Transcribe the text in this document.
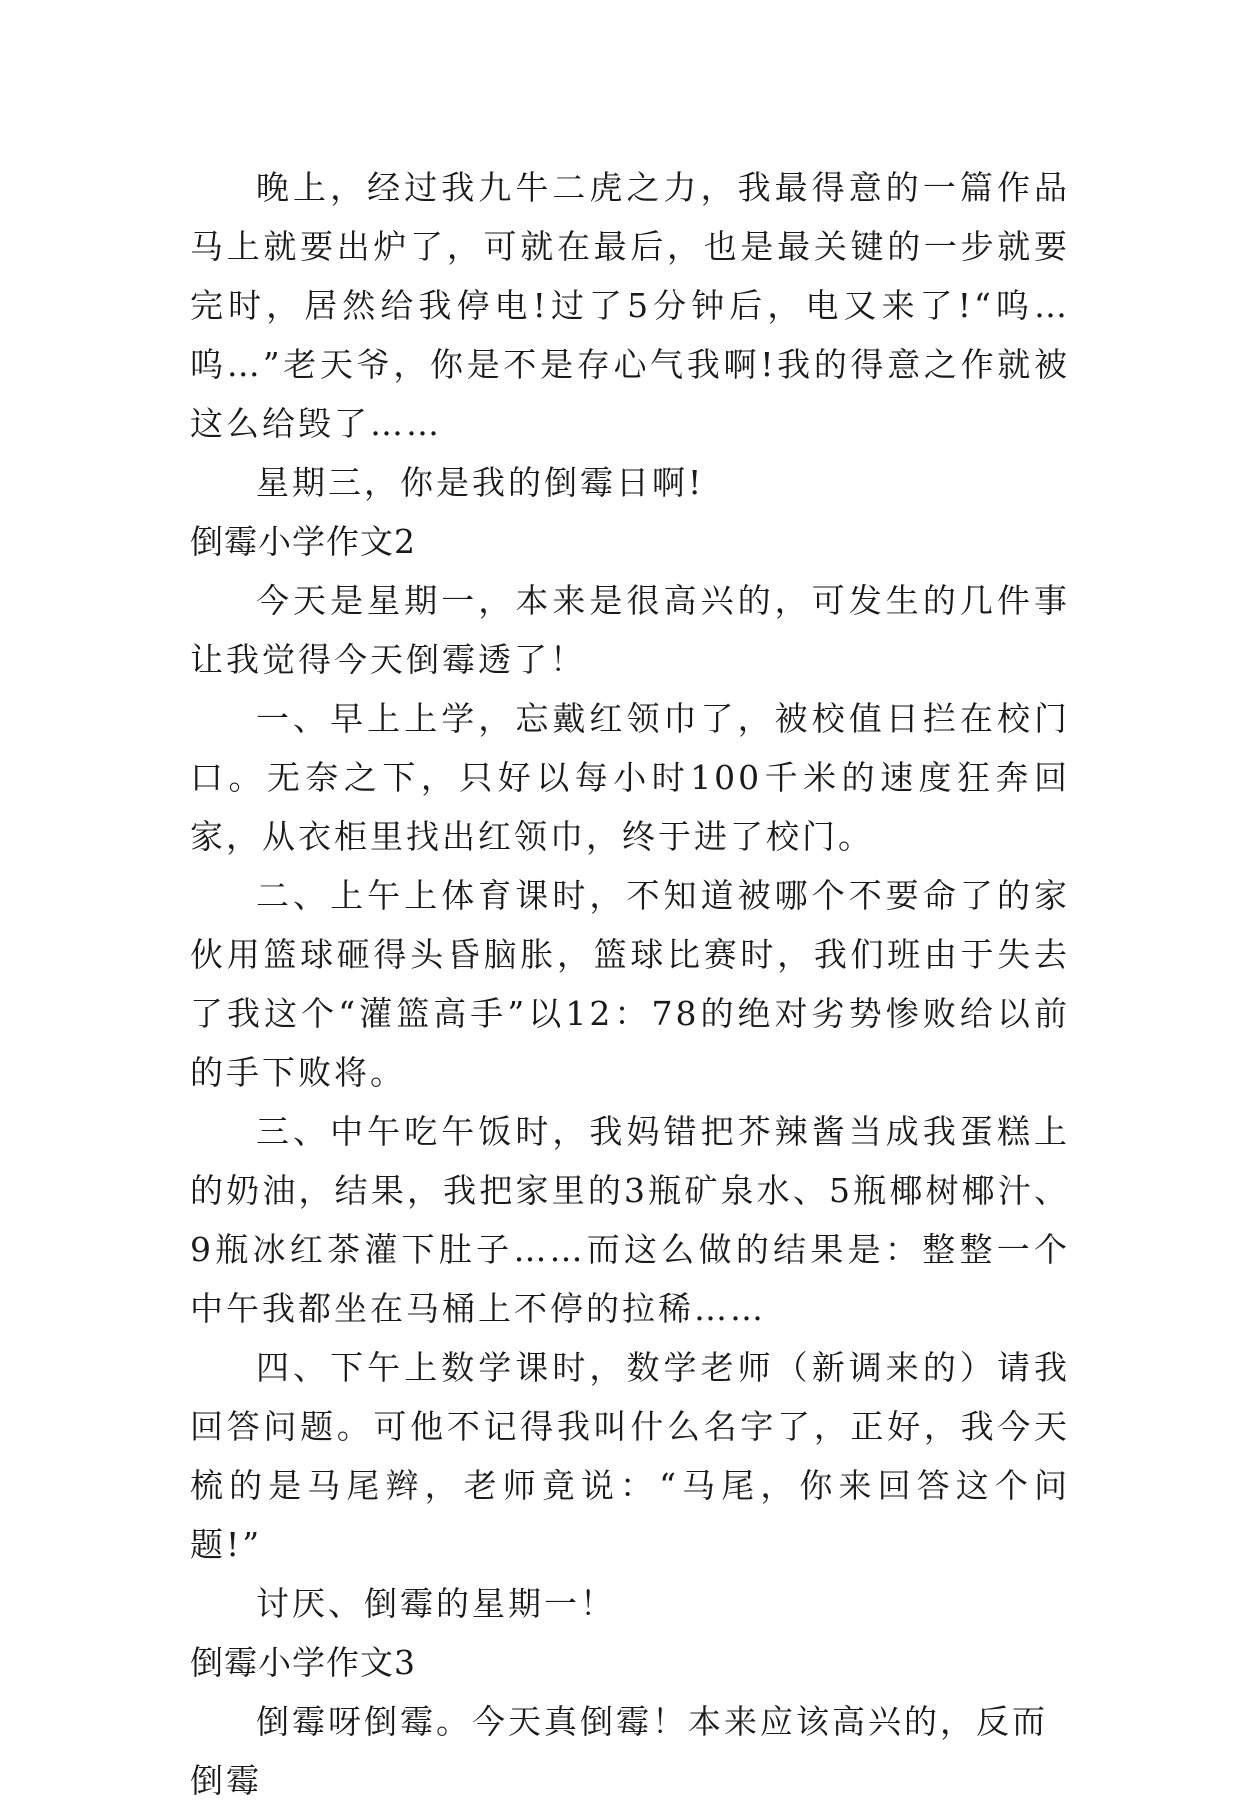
晚上，经过我九牛二虎之力，我最得意的一篇作品马上就要出炉了，可就在最后，也是最关键的一步就要完时，居然给我停电!过了5分钟后，电又来了!“呜…呜…”老天爷，你是不是存心气我啊!我的得意之作就被这么给毁了……

星期三，你是我的倒霉日啊!

倒霉小学作文2

今天是星期一，本来是很高兴的，可发生的几件事让我觉得今天倒霉透了！

一、早上上学，忘戴红领巾了，被校值日拦在校门口。无奈之下，只好以每小时100千米的速度狂奔回家，从衣柜里找出红领巾，终于进了校门。

二、上午上体育课时，不知道被哪个不要命了的家伙用篮球砸得头昏脑胀，篮球比赛时，我们班由于失去了我这个“灌篮高手”以12：78的绝对劣势惨败给以前的手下败将。

三、中午吃午饭时，我妈错把芥辣酱当成我蛋糕上的奶油，结果，我把家里的3瓶矿泉水、5瓶椰树椰汁、9瓶冰红茶灌下肚子……而这么做的结果是：整整一个中午我都坐在马桶上不停的拉稀……

四、下午上数学课时，数学老师（新调来的）请我回答问题。可他不记得我叫什么名字了，正好，我今天梳的是马尾辫，老师竟说：“马尾，你来回答这个问题!”

讨厌、倒霉的星期一！

倒霉小学作文3

倒霉呀倒霉。今天真倒霉！本来应该高兴的，反而倒霉
